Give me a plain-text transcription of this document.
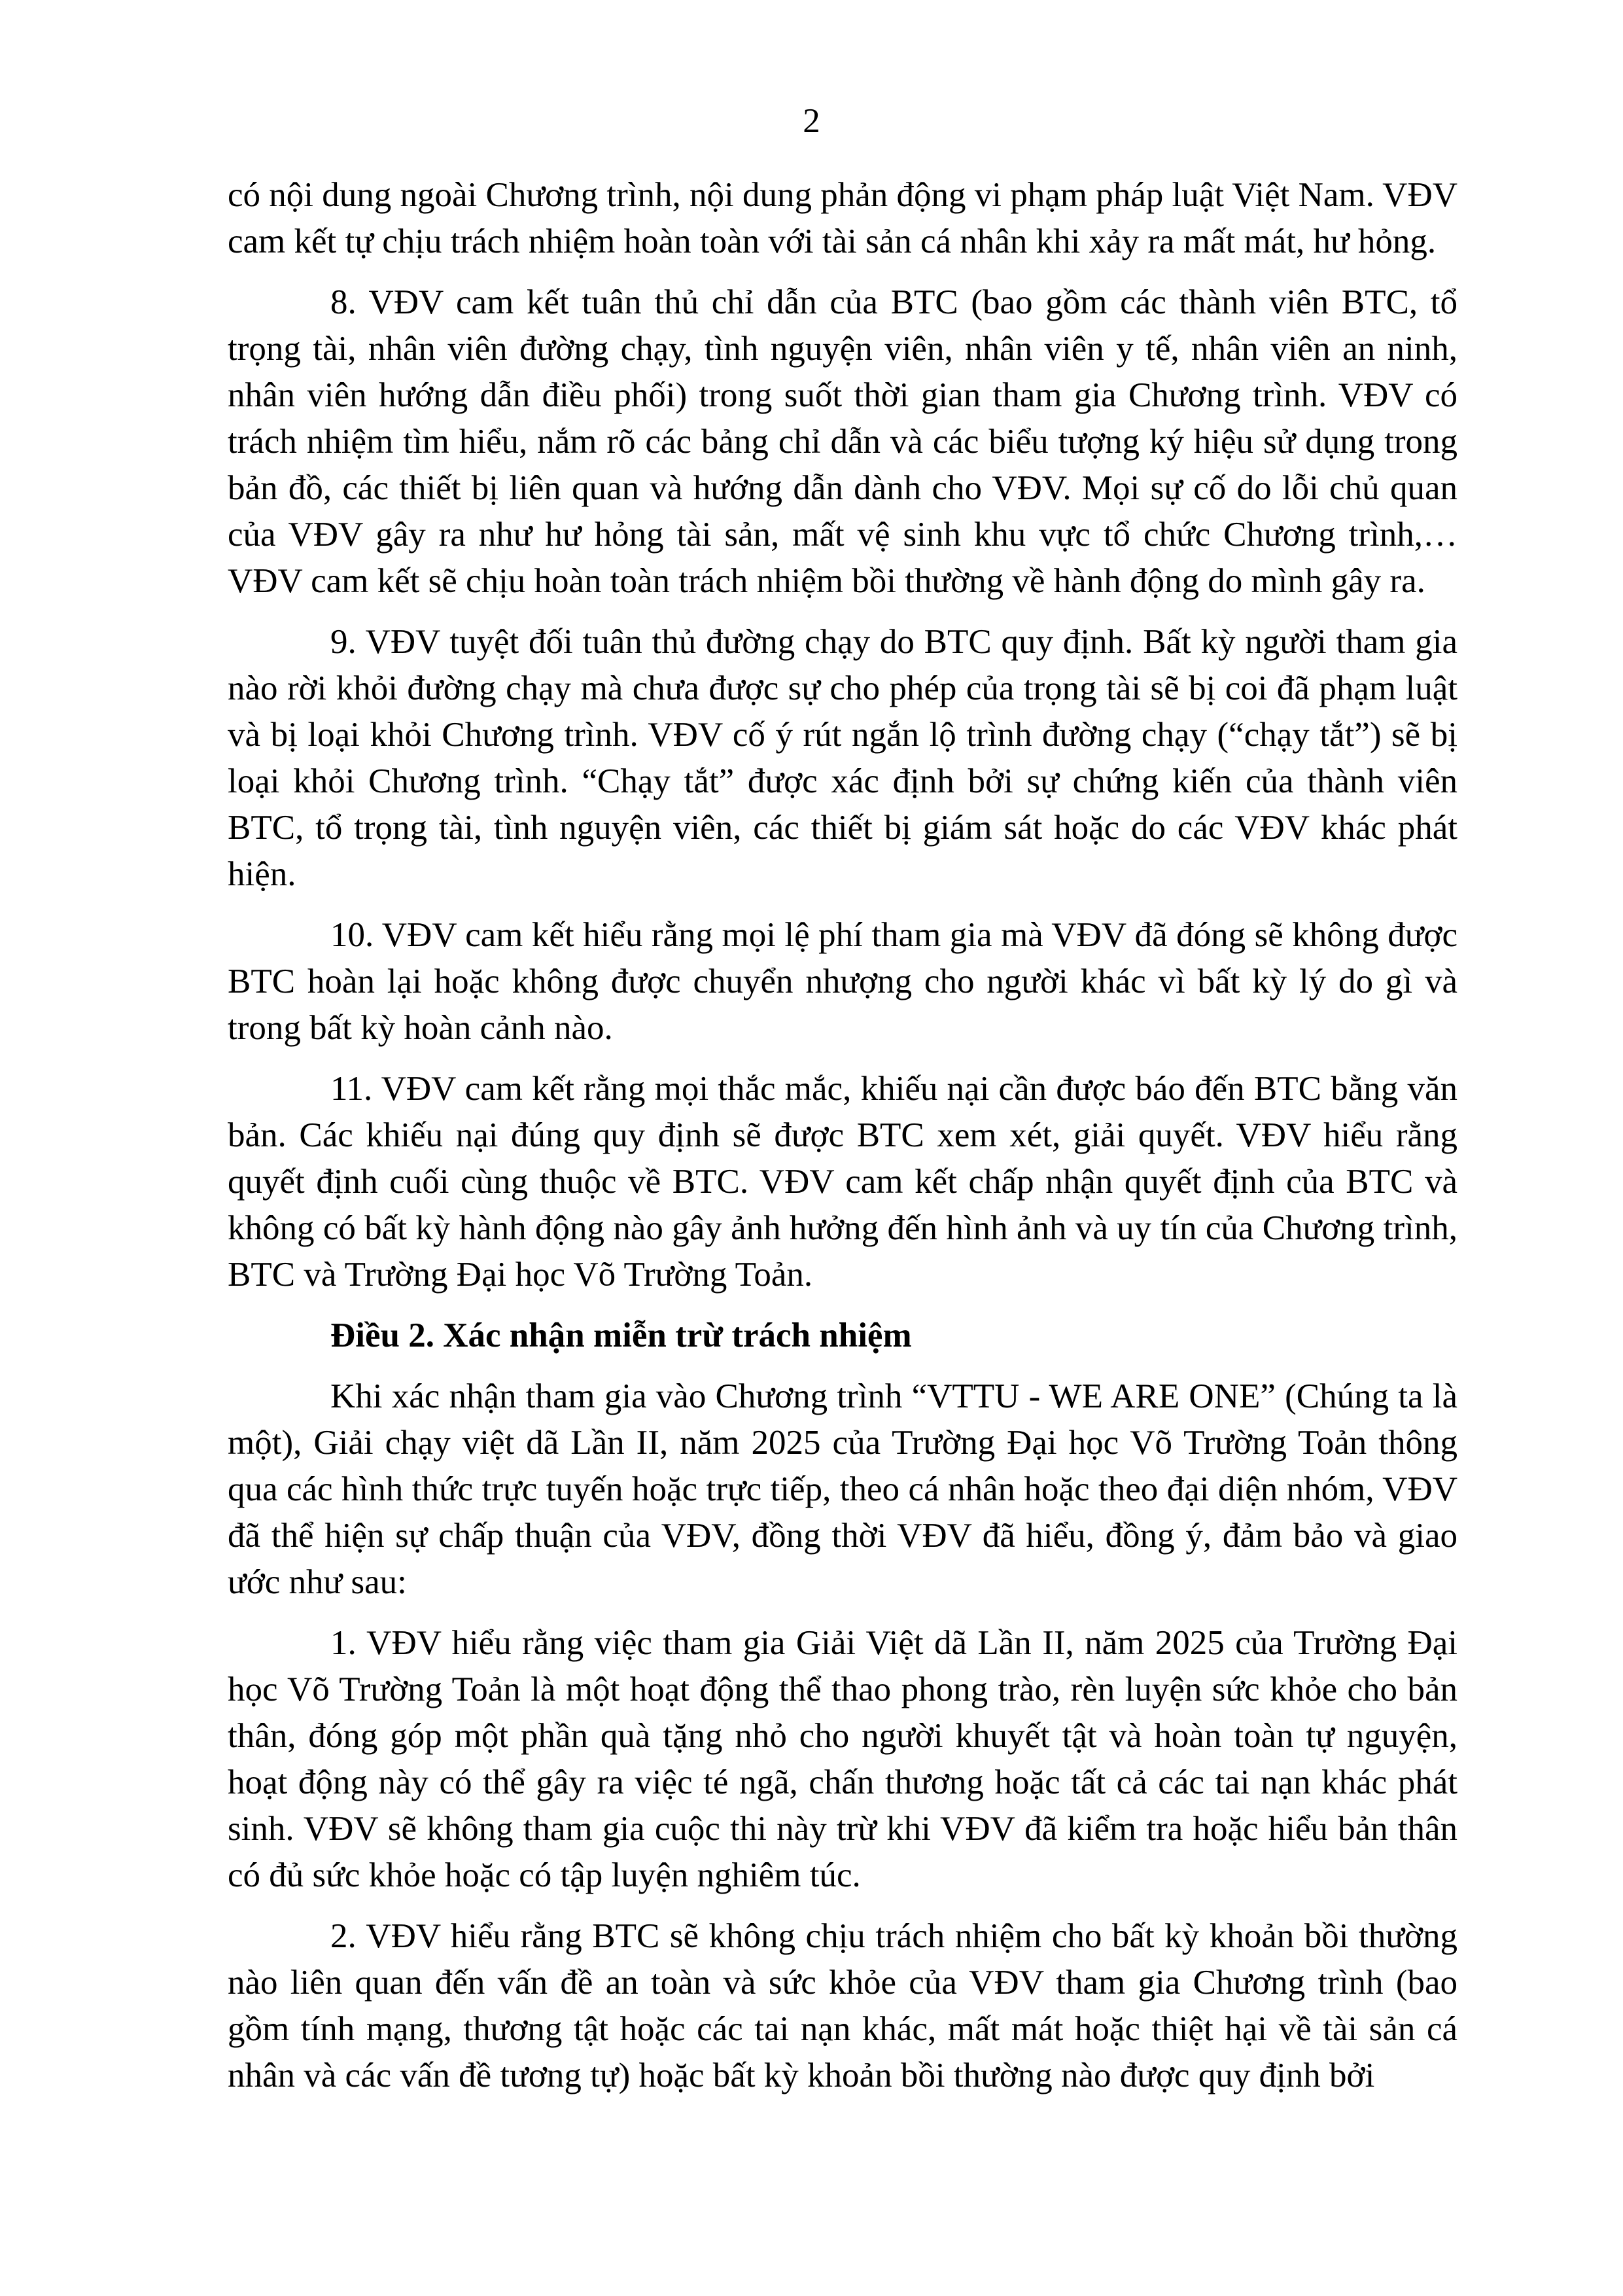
2

có nội dung ngoài Chương trình, nội dung phản động vi phạm pháp luật Việt Nam. VĐV cam kết tự chịu trách nhiệm hoàn toàn với tài sản cá nhân khi xảy ra mất mát, hư hỏng.

8. VĐV cam kết tuân thủ chỉ dẫn của BTC (bao gồm các thành viên BTC, tổ trọng tài, nhân viên đường chạy, tình nguyện viên, nhân viên y tế, nhân viên an ninh, nhân viên hướng dẫn điều phối) trong suốt thời gian tham gia Chương trình. VĐV có trách nhiệm tìm hiểu, nắm rõ các bảng chỉ dẫn và các biểu tượng ký hiệu sử dụng trong bản đồ, các thiết bị liên quan và hướng dẫn dành cho VĐV. Mọi sự cố do lỗi chủ quan của VĐV gây ra như hư hỏng tài sản, mất vệ sinh khu vực tổ chức Chương trình,… VĐV cam kết sẽ chịu hoàn toàn trách nhiệm bồi thường về hành động do mình gây ra.

9. VĐV tuyệt đối tuân thủ đường chạy do BTC quy định. Bất kỳ người tham gia nào rời khỏi đường chạy mà chưa được sự cho phép của trọng tài sẽ bị coi đã phạm luật và bị loại khỏi Chương trình. VĐV cố ý rút ngắn lộ trình đường chạy (“chạy tắt”) sẽ bị loại khỏi Chương trình. “Chạy tắt” được xác định bởi sự chứng kiến của thành viên BTC, tổ trọng tài, tình nguyện viên, các thiết bị giám sát hoặc do các VĐV khác phát hiện.

10. VĐV cam kết hiểu rằng mọi lệ phí tham gia mà VĐV đã đóng sẽ không được BTC hoàn lại hoặc không được chuyển nhượng cho người khác vì bất kỳ lý do gì và trong bất kỳ hoàn cảnh nào.

11. VĐV cam kết rằng mọi thắc mắc, khiếu nại cần được báo đến BTC bằng văn bản. Các khiếu nại đúng quy định sẽ được BTC xem xét, giải quyết. VĐV hiểu rằng quyết định cuối cùng thuộc về BTC. VĐV cam kết chấp nhận quyết định của BTC và không có bất kỳ hành động nào gây ảnh hưởng đến hình ảnh và uy tín của Chương trình, BTC và Trường Đại học Võ Trường Toản.

Điều 2. Xác nhận miễn trừ trách nhiệm

Khi xác nhận tham gia vào Chương trình “VTTU - WE ARE ONE” (Chúng ta là một), Giải chạy việt dã Lần II, năm 2025 của Trường Đại học Võ Trường Toản thông qua các hình thức trực tuyến hoặc trực tiếp, theo cá nhân hoặc theo đại diện nhóm, VĐV đã thể hiện sự chấp thuận của VĐV, đồng thời VĐV đã hiểu, đồng ý, đảm bảo và giao ước như sau:

1. VĐV hiểu rằng việc tham gia Giải Việt dã Lần II, năm 2025 của Trường Đại học Võ Trường Toản là một hoạt động thể thao phong trào, rèn luyện sức khỏe cho bản thân, đóng góp một phần quà tặng nhỏ cho người khuyết tật và hoàn toàn tự nguyện, hoạt động này có thể gây ra việc té ngã, chấn thương hoặc tất cả các tai nạn khác phát sinh. VĐV sẽ không tham gia cuộc thi này trừ khi VĐV đã kiểm tra hoặc hiểu bản thân có đủ sức khỏe hoặc có tập luyện nghiêm túc.

2. VĐV hiểu rằng BTC sẽ không chịu trách nhiệm cho bất kỳ khoản bồi thường nào liên quan đến vấn đề an toàn và sức khỏe của VĐV tham gia Chương trình (bao gồm tính mạng, thương tật hoặc các tai nạn khác, mất mát hoặc thiệt hại về tài sản cá nhân và các vấn đề tương tự) hoặc bất kỳ khoản bồi thường nào được quy định bởi
